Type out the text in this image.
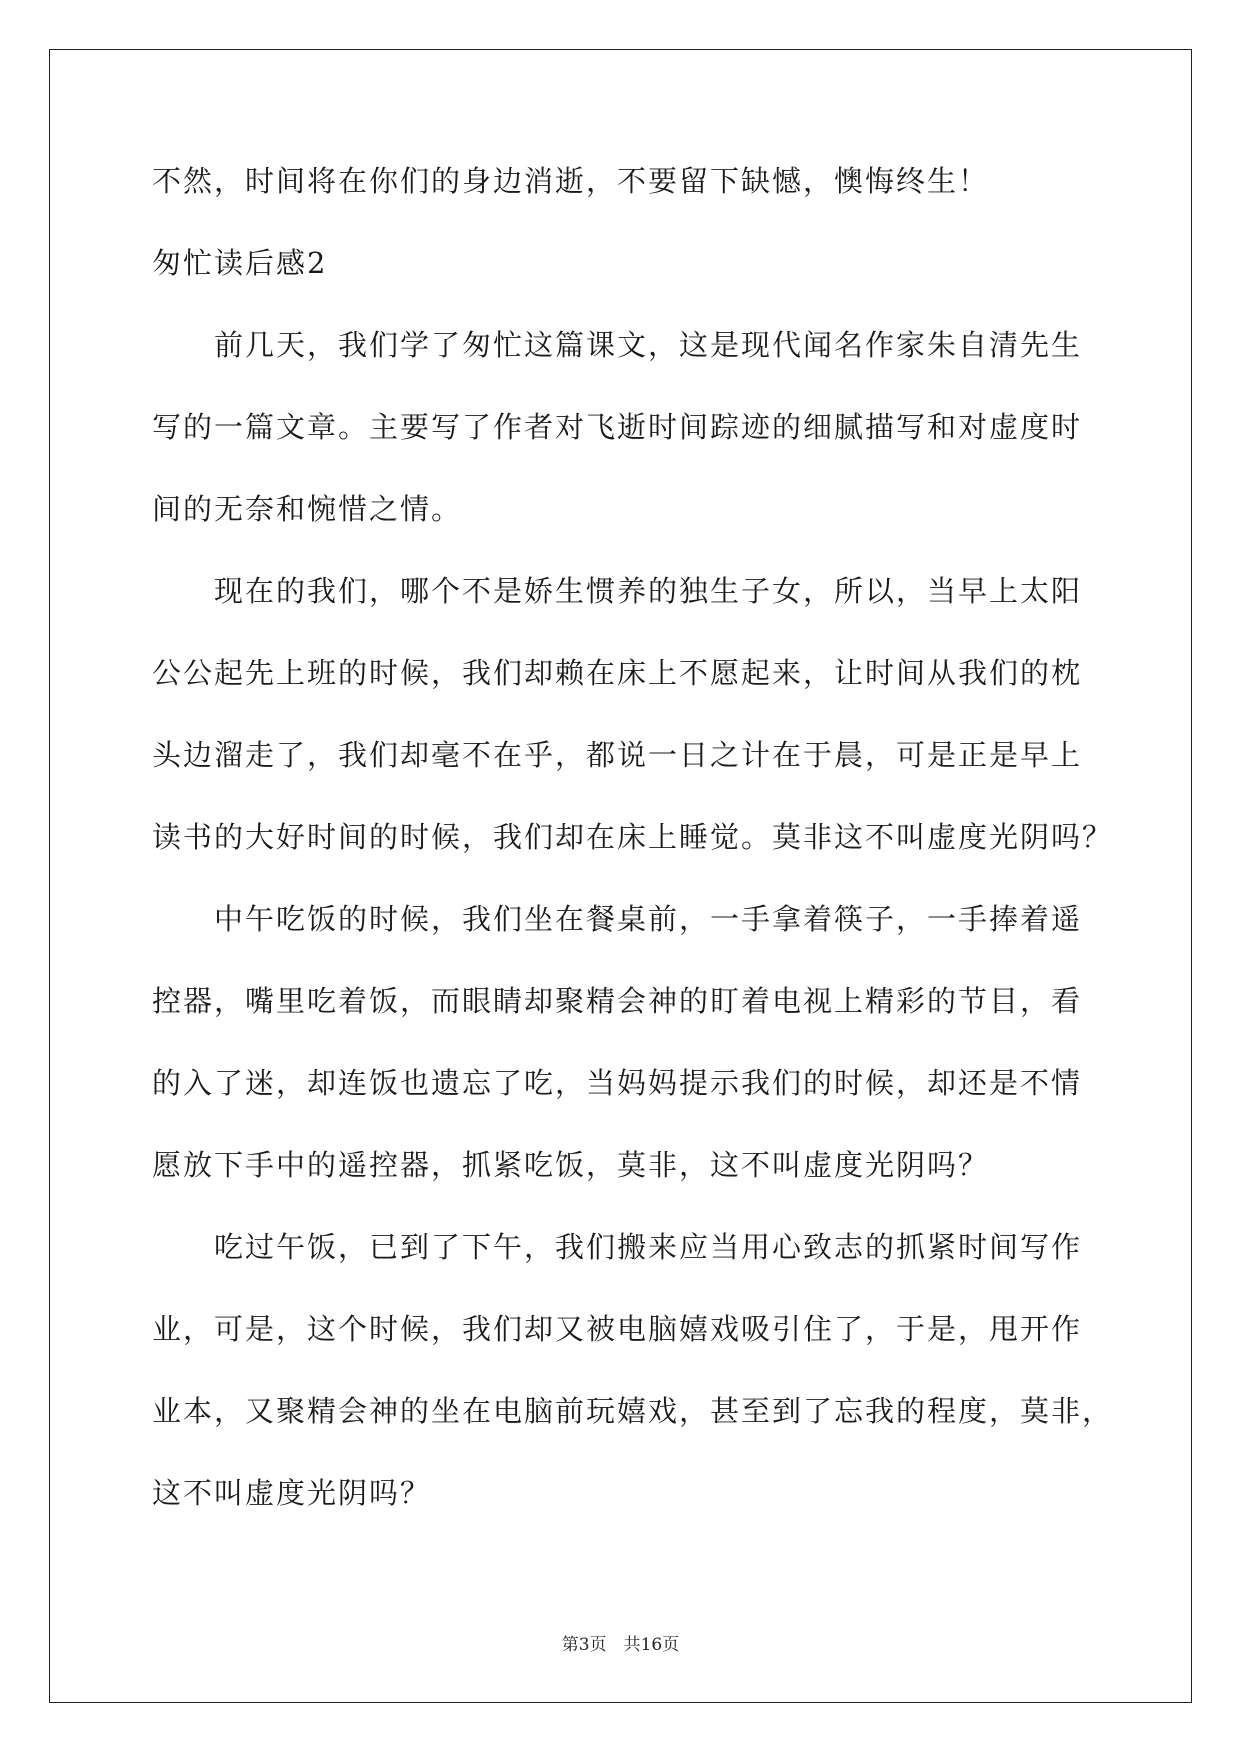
不然，时间将在你们的身边消逝，不要留下缺憾，懊悔终生！
匆忙读后感2
　　前几天，我们学了匆忙这篇课文，这是现代闻名作家朱自清先生
写的一篇文章。主要写了作者对飞逝时间踪迹的细腻描写和对虚度时
间的无奈和惋惜之情。
　　现在的我们，哪个不是娇生惯养的独生子女，所以，当早上太阳
公公起先上班的时候，我们却赖在床上不愿起来，让时间从我们的枕
头边溜走了，我们却毫不在乎，都说一日之计在于晨，可是正是早上
读书的大好时间的时候，我们却在床上睡觉。莫非这不叫虚度光阴吗？
　　中午吃饭的时候，我们坐在餐桌前，一手拿着筷子，一手捧着遥
控器，嘴里吃着饭，而眼睛却聚精会神的盯着电视上精彩的节目，看
的入了迷，却连饭也遗忘了吃，当妈妈提示我们的时候，却还是不情
愿放下手中的遥控器，抓紧吃饭，莫非，这不叫虚度光阴吗？
　　吃过午饭，已到了下午，我们搬来应当用心致志的抓紧时间写作
业，可是，这个时候，我们却又被电脑嬉戏吸引住了，于是，甩开作
业本，又聚精会神的坐在电脑前玩嬉戏，甚至到了忘我的程度，莫非，
这不叫虚度光阴吗？
第3页　共16页
